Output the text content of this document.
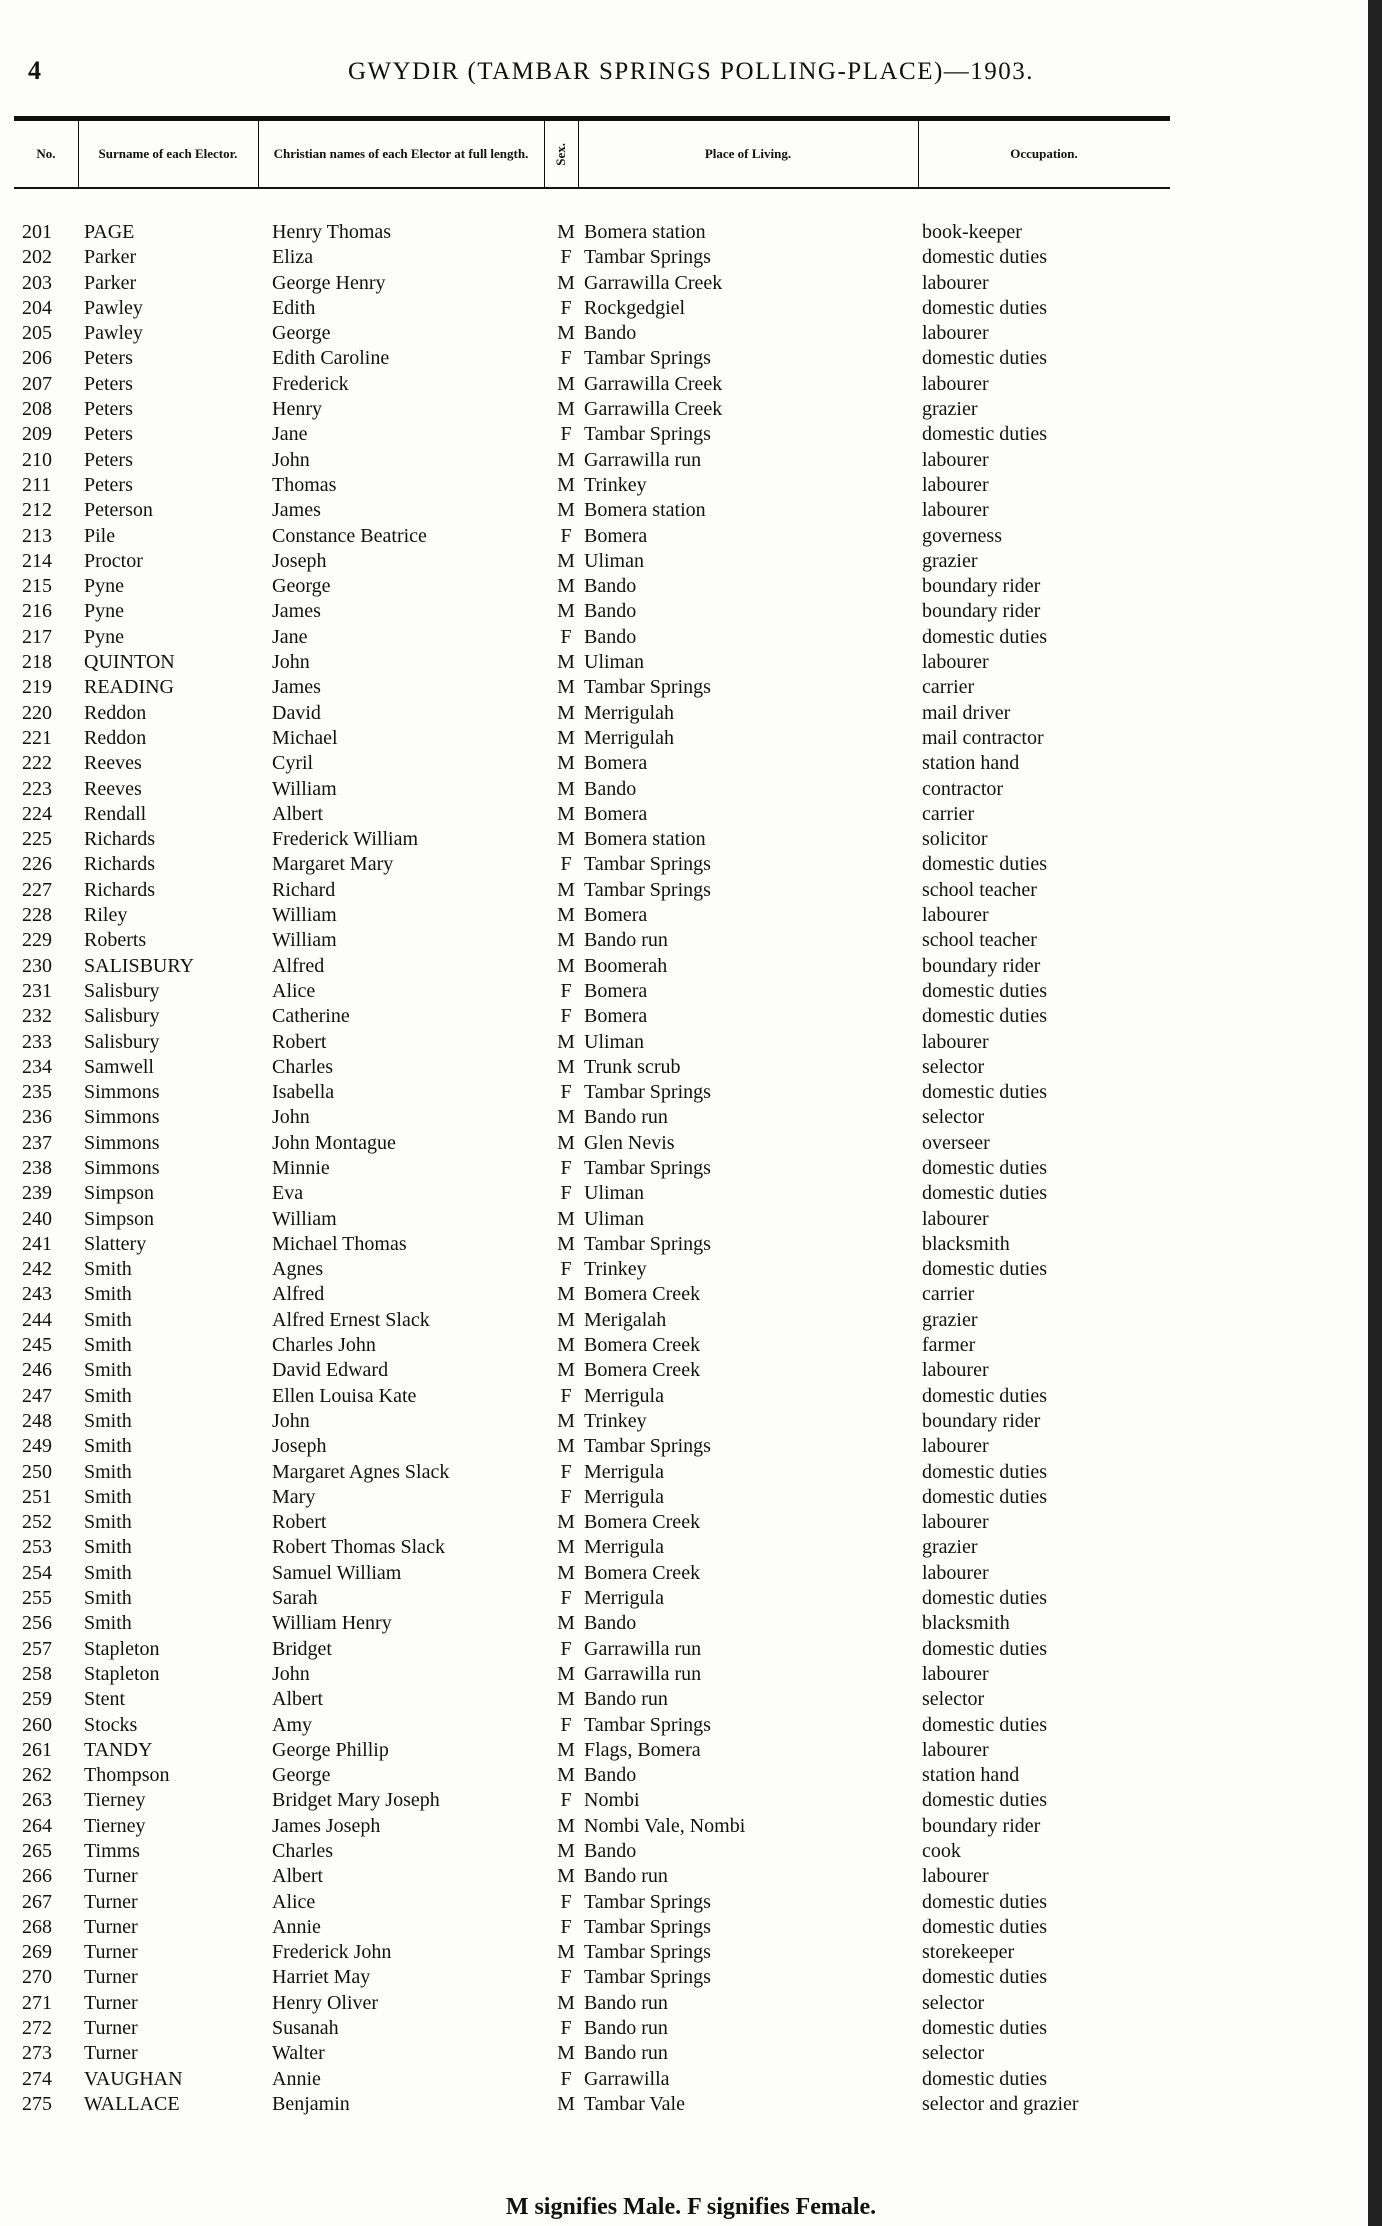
4	GWYDIR (TAMBAR SPRINGS POLLING-PLACE)—1903.
No.	Surname of each Elector.	Christian names of each Elector at full length.	Sex.	Place of Living.	Occupation.
201 PAGE	Henry Thomas	M Bomera station	book-keeper
202 Parker	Eliza	F Tambar Springs	domestic duties
203 Parker	George Henry	M Garrawilla Creek	labourer
204 Pawley	Edith	F Rockgedgiel	domestic duties
205 Pawley	George	M Bando	labourer
206 Peters	Edith Caroline	F Tambar Springs	domestic duties
207 Peters	Frederick	M Garrawilla Creek	labourer
208 Peters	Henry	M Garrawilla Creek	grazier
209 Peters	Jane	F Tambar Springs	domestic duties
210 Peters	John	M Garrawilla run	labourer
211 Peters	Thomas	M Trinkey	labourer
212 Peterson	James	M Bomera station	labourer
213 Pile	Constance Beatrice	F Bomera	governess
214 Proctor	Joseph	M Uliman	grazier
215 Pyne	George	M Bando	boundary rider
216 Pyne	James	M Bando	boundary rider
217 Pyne	Jane	F Bando	domestic duties
218 QUINTON	John	M Uliman	labourer
219 READING	James	M Tambar Springs	carrier
220 Reddon	David	M Merrigulah	mail driver
221 Reddon	Michael	M Merrigulah	mail contractor
222 Reeves	Cyril	M Bomera	station hand
223 Reeves	William	M Bando	contractor
224 Rendall	Albert	M Bomera	carrier
225 Richards	Frederick William	M Bomera station	solicitor
226 Richards	Margaret Mary	F Tambar Springs	domestic duties
227 Richards	Richard	M Tambar Springs	school teacher
228 Riley	William	M Bomera	labourer
229 Roberts	William	M Bando run	school teacher
230 SALISBURY	Alfred	M Boomerah	boundary rider
231 Salisbury	Alice	F Bomera	domestic duties
232 Salisbury	Catherine	F Bomera	domestic duties
233 Salisbury	Robert	M Uliman	labourer
234 Samwell	Charles	M Trunk scrub	selector
235 Simmons	Isabella	F Tambar Springs	domestic duties
236 Simmons	John	M Bando run	selector
237 Simmons	John Montague	M Glen Nevis	overseer
238 Simmons	Minnie	F Tambar Springs	domestic duties
239 Simpson	Eva	F Uliman	domestic duties
240 Simpson	William	M Uliman	labourer
241 Slattery	Michael Thomas	M Tambar Springs	blacksmith
242 Smith	Agnes	F Trinkey	domestic duties
243 Smith	Alfred	M Bomera Creek	carrier
244 Smith	Alfred Ernest Slack	M Merigalah	grazier
245 Smith	Charles John	M Bomera Creek	farmer
246 Smith	David Edward	M Bomera Creek	labourer
247 Smith	Ellen Louisa Kate	F Merrigula	domestic duties
248 Smith	John	M Trinkey	boundary rider
249 Smith	Joseph	M Tambar Springs	labourer
250 Smith	Margaret Agnes Slack	F Merrigula	domestic duties
251 Smith	Mary	F Merrigula	domestic duties
252 Smith	Robert	M Bomera Creek	labourer
253 Smith	Robert Thomas Slack	M Merrigula	grazier
254 Smith	Samuel William	M Bomera Creek	labourer
255 Smith	Sarah	F Merrigula	domestic duties
256 Smith	William Henry	M Bando	blacksmith
257 Stapleton	Bridget	F Garrawilla run	domestic duties
258 Stapleton	John	M Garrawilla run	labourer
259 Stent	Albert	M Bando run	selector
260 Stocks	Amy	F Tambar Springs	domestic duties
261 TANDY	George Phillip	M Flags, Bomera	labourer
262 Thompson	George	M Bando	station hand
263 Tierney	Bridget Mary Joseph	F Nombi	domestic duties
264 Tierney	James Joseph	M Nombi Vale, Nombi	boundary rider
265 Timms	Charles	M Bando	cook
266 Turner	Albert	M Bando run	labourer
267 Turner	Alice	F Tambar Springs	domestic duties
268 Turner	Annie	F Tambar Springs	domestic duties
269 Turner	Frederick John	M Tambar Springs	storekeeper
270 Turner	Harriet May	F Tambar Springs	domestic duties
271 Turner	Henry Oliver	M Bando run	selector
272 Turner	Susanah	F Bando run	domestic duties
273 Turner	Walter	M Bando run	selector
274 VAUGHAN	Annie	F Garrawilla	domestic duties
275 WALLACE	Benjamin	M Tambar Vale	selector and grazier
M signifies Male. F signifies Female.
